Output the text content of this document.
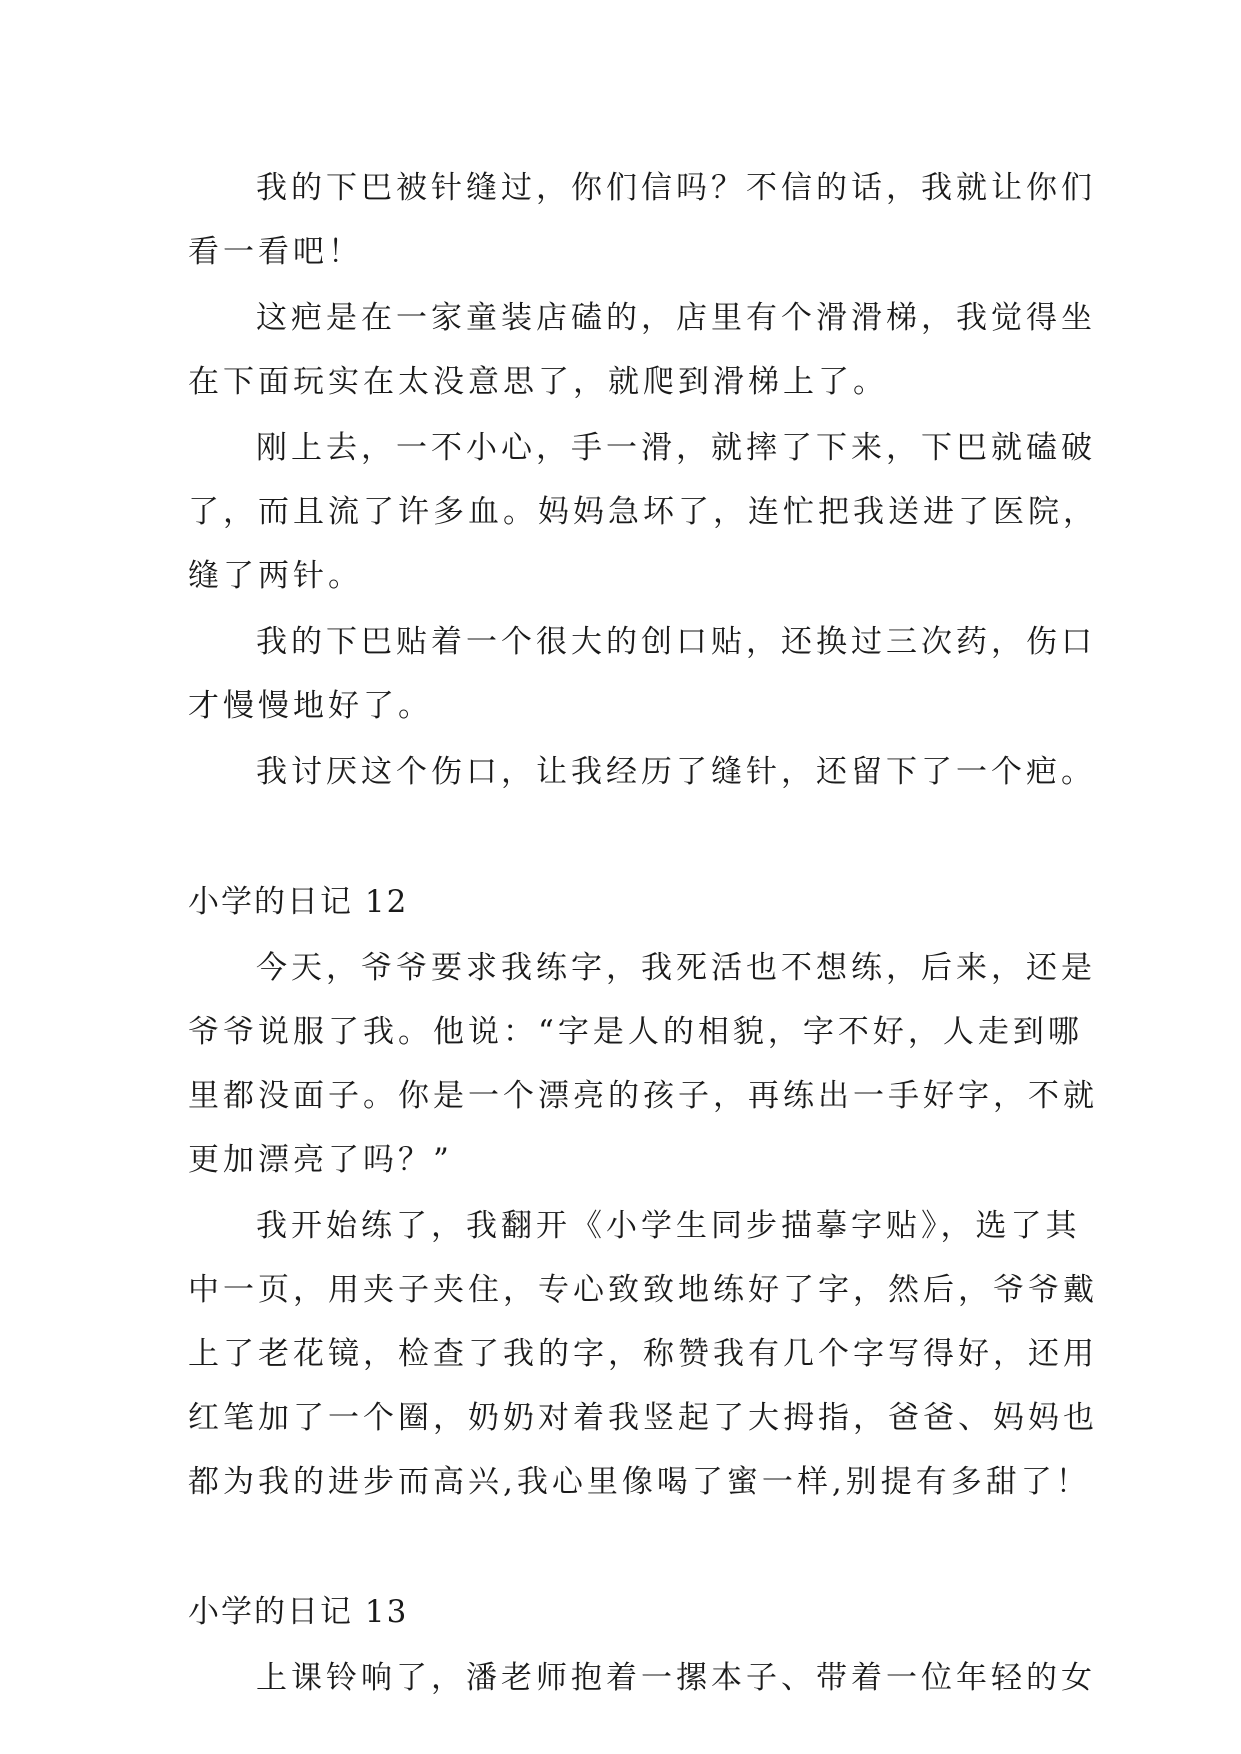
我的下巴被针缝过，你们信吗？不信的话，我就让你们
看一看吧！
这疤是在一家童装店磕的，店里有个滑滑梯，我觉得坐
在下面玩实在太没意思了，就爬到滑梯上了。
刚上去，一不小心，手一滑，就摔了下来，下巴就磕破
了，而且流了许多血。妈妈急坏了，连忙把我送进了医院，
缝了两针。
我的下巴贴着一个很大的创口贴，还换过三次药，伤口
才慢慢地好了。
我讨厌这个伤口，让我经历了缝针，还留下了一个疤。
小学的日记 12
今天，爷爷要求我练字，我死活也不想练，后来，还是
爷爷说服了我。他说：“字是人的相貌，字不好，人走到哪
里都没面子。你是一个漂亮的孩子，再练出一手好字，不就
更加漂亮了吗？”
我开始练了，我翻开《小学生同步描摹字贴》，选了其
中一页，用夹子夹住，专心致致地练好了字，然后，爷爷戴
上了老花镜，检查了我的字，称赞我有几个字写得好，还用
红笔加了一个圈，奶奶对着我竖起了大拇指，爸爸、妈妈也
都为我的进步而高兴,我心里像喝了蜜一样,别提有多甜了！
小学的日记 13
上课铃响了，潘老师抱着一摞本子、带着一位年轻的女
